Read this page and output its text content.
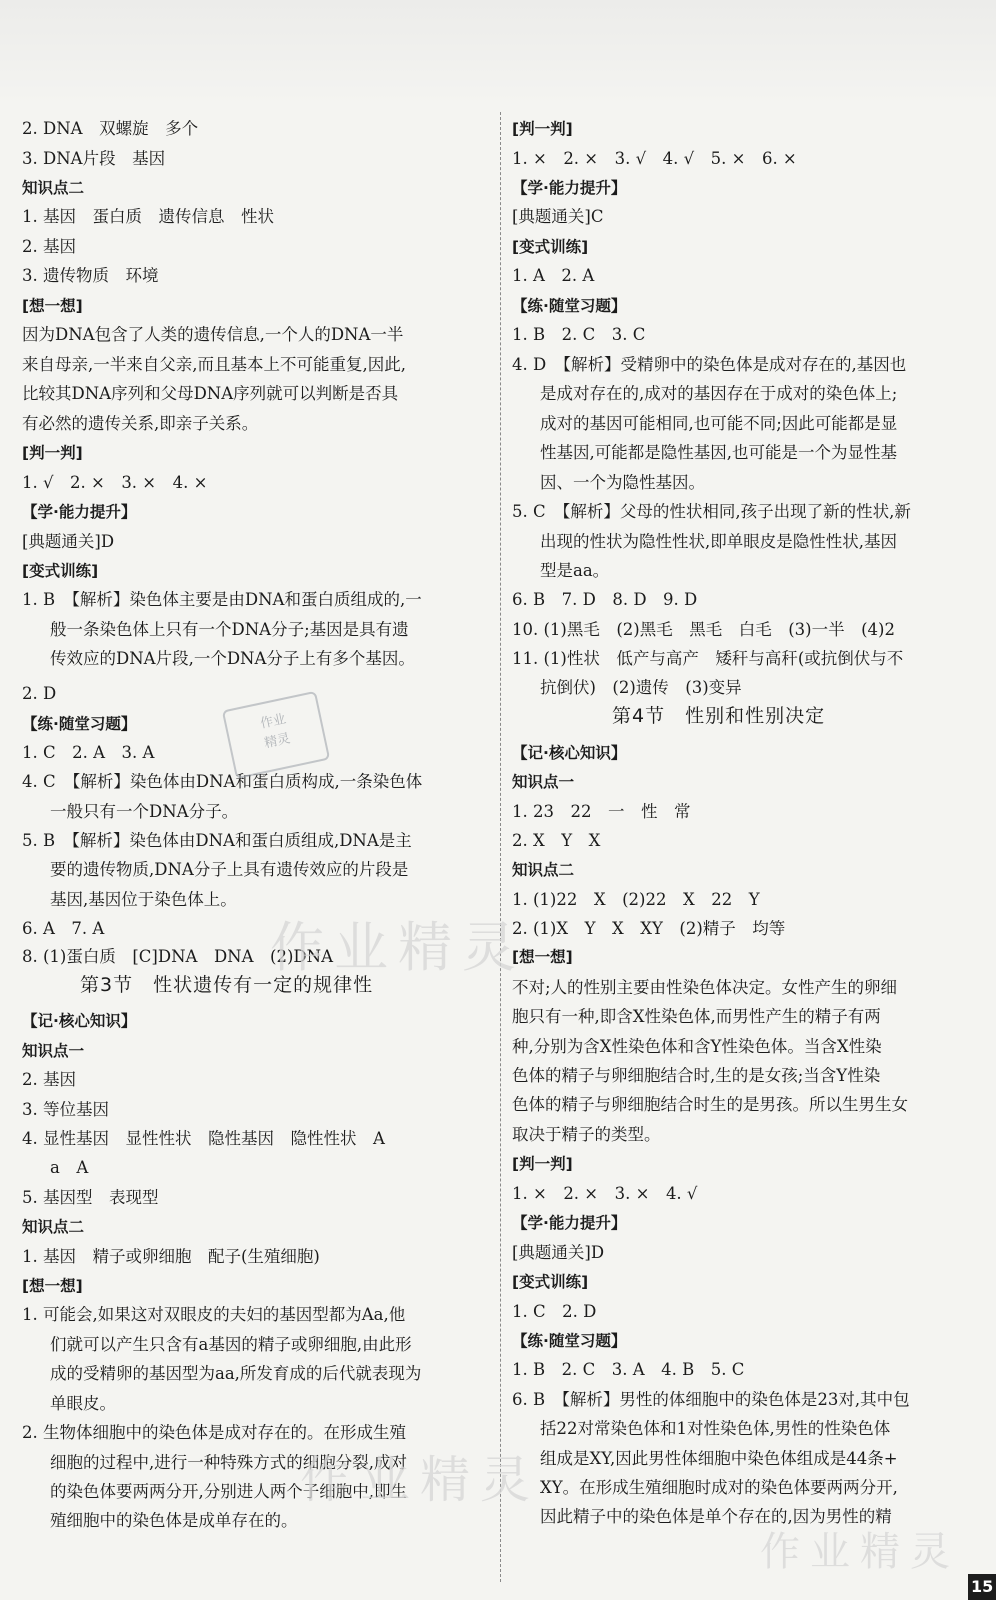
2. DNA　双螺旋　多个
3. DNA片段　基因
知识点二
1. 基因　蛋白质　遗传信息　性状
2. 基因
3. 遗传物质　环境
[想一想]
因为DNA包含了人类的遗传信息,一个人的DNA一半
来自母亲,一半来自父亲,而且基本上不可能重复,因此,
比较其DNA序列和父母DNA序列就可以判断是否具
有必然的遗传关系,即亲子关系。
[判一判]
1. √　2. ×　3. ×　4. ×
【学·能力提升】
[典题通关]D
[变式训练]
1. B　【解析】染色体主要是由DNA和蛋白质组成的,一
般一条染色体上只有一个DNA分子;基因是具有遗
传效应的DNA片段,一个DNA分子上有多个基因。
2. D
【练·随堂习题】
1. C　2. A　3. A
4. C　【解析】染色体由DNA和蛋白质构成,一条染色体
一般只有一个DNA分子。
5. B　【解析】染色体由DNA和蛋白质组成,DNA是主
要的遗传物质,DNA分子上具有遗传效应的片段是
基因,基因位于染色体上。
6. A　7. A
8. (1)蛋白质　[C]DNA　DNA　(2)DNA
第3节　性状遗传有一定的规律性
【记·核心知识】
知识点一
2. 基因
3. 等位基因
4. 显性基因　显性性状　隐性基因　隐性性状　A
a　A
5. 基因型　表现型
知识点二
1. 基因　精子或卵细胞　配子(生殖细胞)
[想一想]
1. 可能会,如果这对双眼皮的夫妇的基因型都为Aa,他
们就可以产生只含有a基因的精子或卵细胞,由此形
成的受精卵的基因型为aa,所发育成的后代就表现为
单眼皮。
2. 生物体细胞中的染色体是成对存在的。在形成生殖
细胞的过程中,进行一种特殊方式的细胞分裂,成对
的染色体要两两分开,分别进人两个子细胞中,即生
殖细胞中的染色体是成单存在的。
[判一判]
1. ×　2. ×　3. √　4. √　5. ×　6. ×
【学·能力提升】
[典题通关]C
[变式训练]
1. A　2. A
【练·随堂习题】
1. B　2. C　3. C
4. D　【解析】受精卵中的染色体是成对存在的,基因也
是成对存在的,成对的基因存在于成对的染色体上;
成对的基因可能相同,也可能不同;因此可能都是显
性基因,可能都是隐性基因,也可能是一个为显性基
因、一个为隐性基因。
5. C　【解析】父母的性状相同,孩子出现了新的性状,新
出现的性状为隐性性状,即单眼皮是隐性性状,基因
型是aa。
6. B　7. D　8. D　9. D
10. (1)黑毛　(2)黑毛　黑毛　白毛　(3)一半　(4)2
11. (1)性状　低产与高产　矮秆与高秆(或抗倒伏与不
抗倒伏)　(2)遗传　(3)变异
第4节　性别和性别决定
【记·核心知识】
知识点一
1. 23　22　一　性　常
2. X　Y　X
知识点二
1. (1)22　X　(2)22　X　22　Y
2. (1)X　Y　X　XY　(2)精子　均等
[想一想]
不对;人的性别主要由性染色体决定。女性产生的卵细
胞只有一种,即含X性染色体,而男性产生的精子有两
种,分别为含X性染色体和含Y性染色体。当含X性染
色体的精子与卵细胞结合时,生的是女孩;当含Y性染
色体的精子与卵细胞结合时生的是男孩。所以生男生女
取决于精子的类型。
[判一判]
1. ×　2. ×　3. ×　4. √
【学·能力提升】
[典题通关]D
[变式训练]
1. C　2. D
【练·随堂习题】
1. B　2. C　3. A　4. B　5. C
6. B　【解析】男性的体细胞中的染色体是23对,其中包
括22对常染色体和1对性染色体,男性的性染色体
组成是XY,因此男性体细胞中染色体组成是44条+
XY。在形成生殖细胞时成对的染色体要两两分开,
因此精子中的染色体是单个存在的,因为男性的精
作业
精灵
作业精灵
作业精灵
作业精灵
15
